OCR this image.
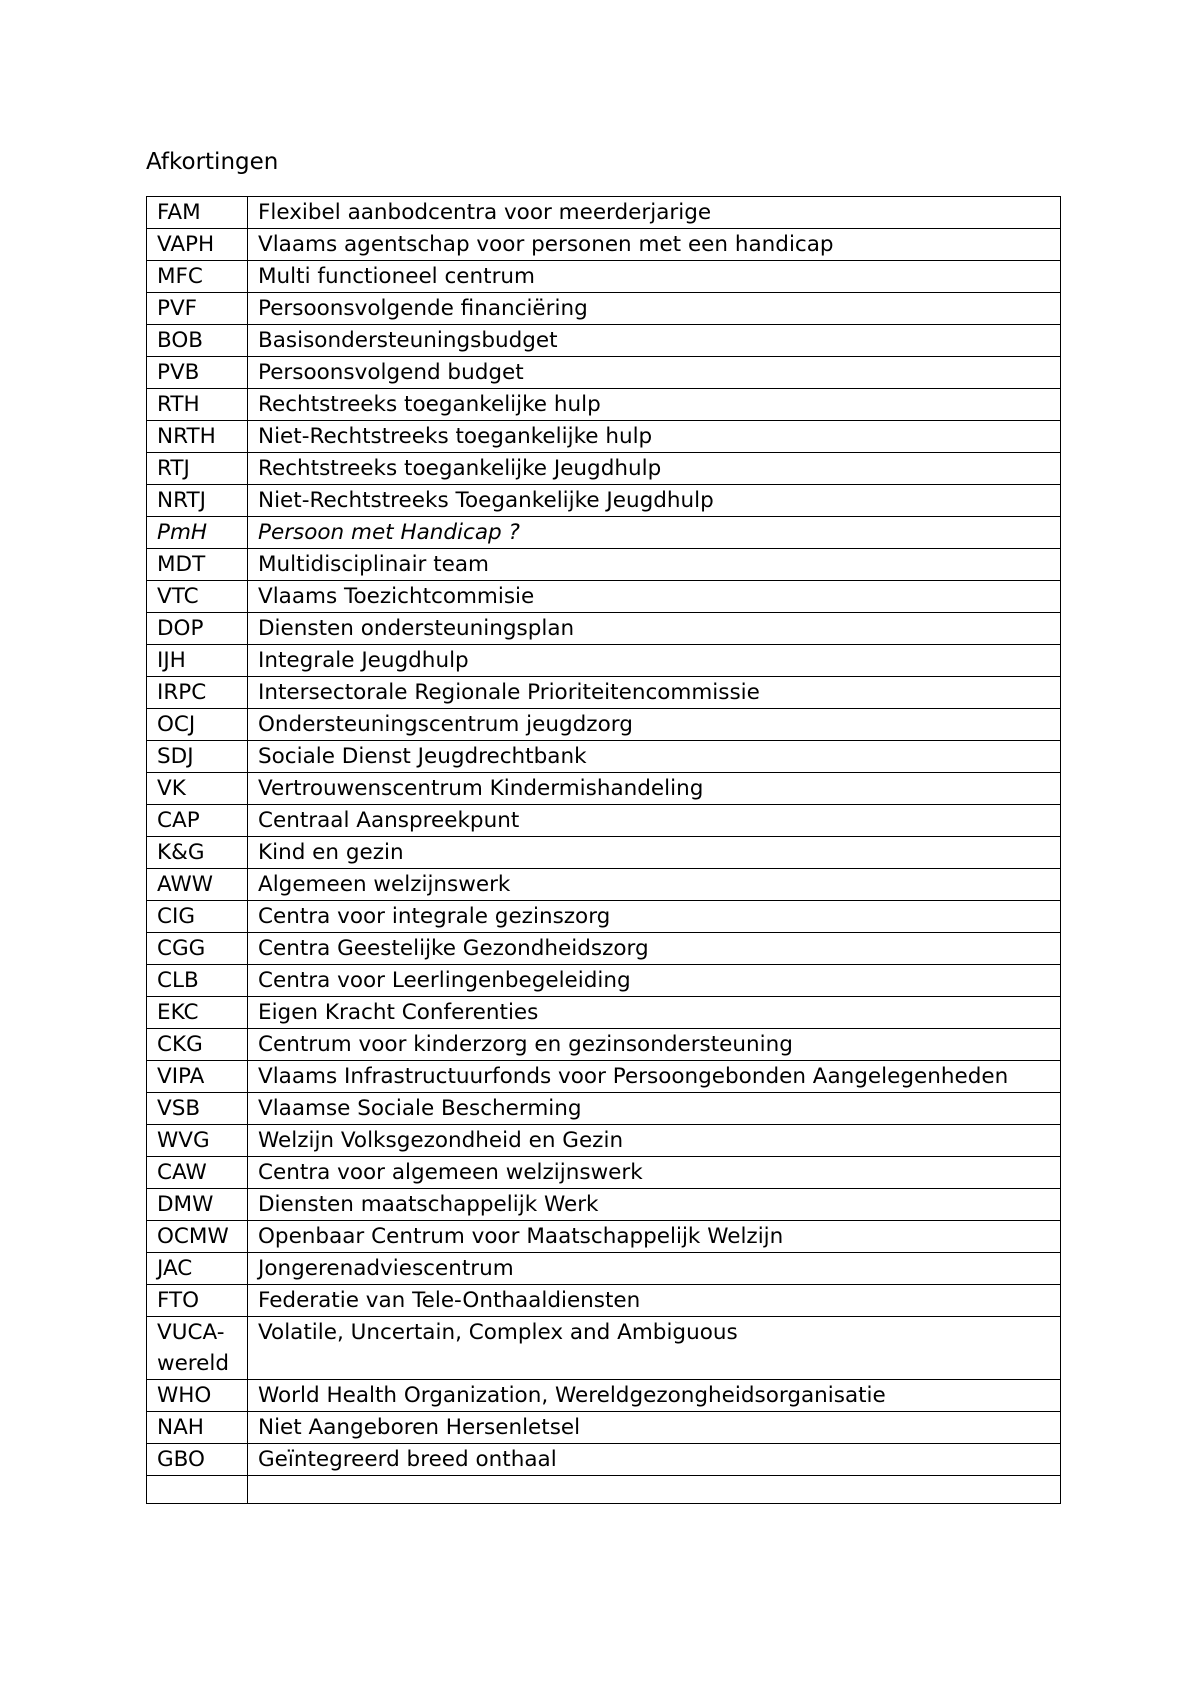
Afkortingen
FAM	Flexibel aanbodcentra voor meerderjarige
VAPH	Vlaams agentschap voor personen met een handicap
MFC	Multi functioneel centrum
PVF	Persoonsvolgende financiëring
BOB	Basisondersteuningsbudget
PVB	Persoonsvolgend budget
RTH	Rechtstreeks toegankelijke hulp
NRTH	Niet-Rechtstreeks toegankelijke hulp
RTJ	Rechtstreeks toegankelijke Jeugdhulp
NRTJ	Niet-Rechtstreeks Toegankelijke Jeugdhulp
PmH	Persoon met Handicap ?
MDT	Multidisciplinair team
VTC	Vlaams Toezichtcommisie
DOP	Diensten ondersteuningsplan
IJH	Integrale Jeugdhulp
IRPC	Intersectorale Regionale Prioriteitencommissie
OCJ	Ondersteuningscentrum jeugdzorg
SDJ	Sociale Dienst Jeugdrechtbank
VK	Vertrouwenscentrum Kindermishandeling
CAP	Centraal Aanspreekpunt
K&G	Kind en gezin
AWW	Algemeen welzijnswerk
CIG	Centra voor integrale gezinszorg
CGG	Centra Geestelijke Gezondheidszorg
CLB	Centra voor Leerlingenbegeleiding
EKC	Eigen Kracht Conferenties
CKG	Centrum voor kinderzorg en gezinsondersteuning
VIPA	Vlaams Infrastructuurfonds voor Persoongebonden Aangelegenheden
VSB	Vlaamse Sociale Bescherming
WVG	Welzijn Volksgezondheid en Gezin
CAW	Centra voor algemeen welzijnswerk
DMW	Diensten maatschappelijk Werk
OCMW	Openbaar Centrum voor Maatschappelijk Welzijn
JAC	Jongerenadviescentrum
FTO	Federatie van Tele-Onthaaldiensten
VUCA-wereld	Volatile, Uncertain, Complex and Ambiguous
WHO	World Health Organization, Wereldgezongheidsorganisatie
NAH	Niet Aangeboren Hersenletsel
GBO	Geïntegreerd breed onthaal
